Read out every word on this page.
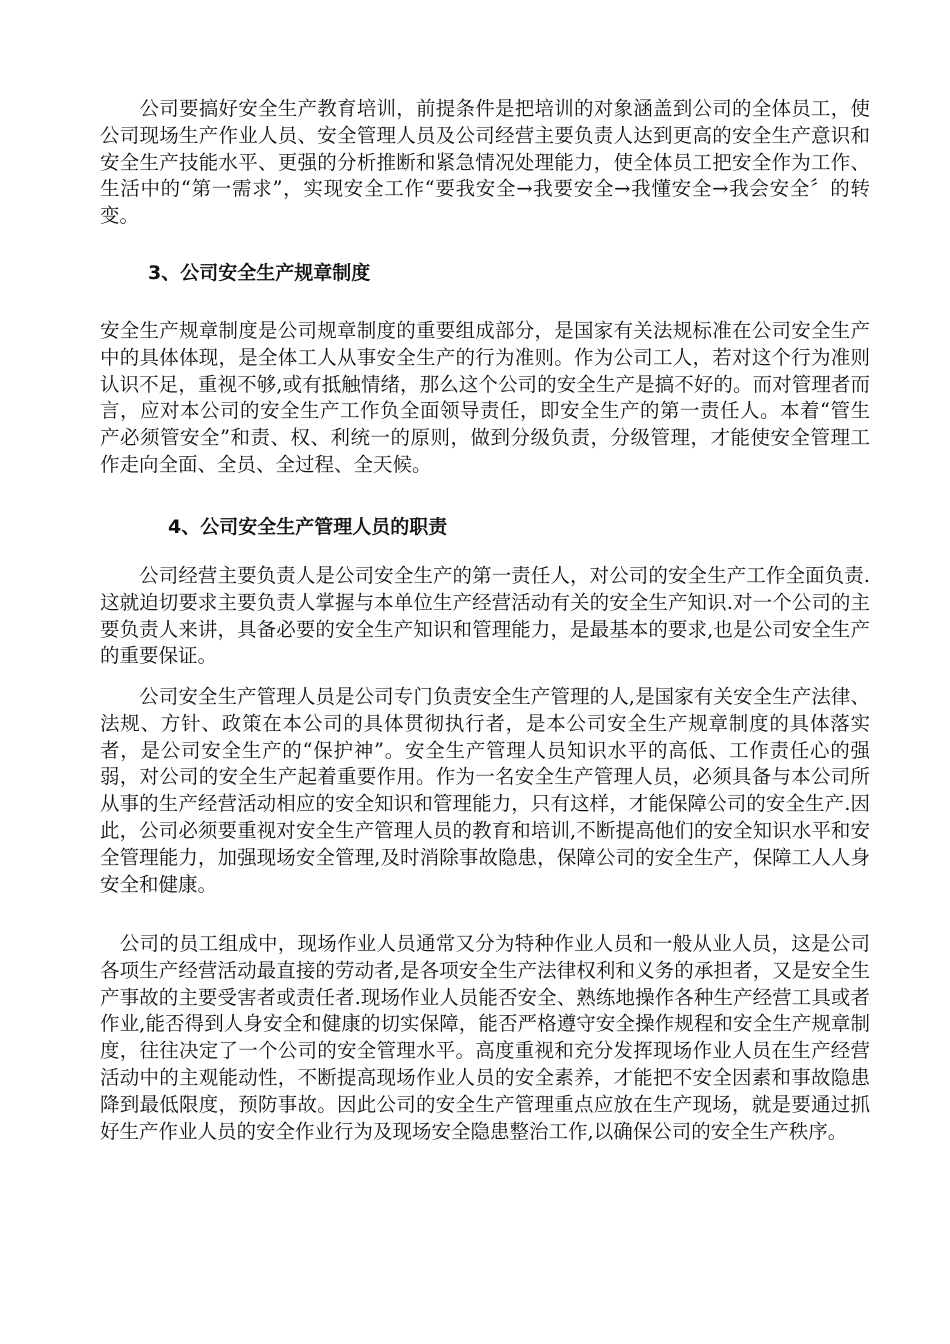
　　公司要搞好安全生产教育培训，前提条件是把培训的对象涵盖到公司的全体员工，使公司现场生产作业人员、安全管理人员及公司经营主要负责人达到更高的安全生产意识和安全生产技能水平、更强的分析推断和紧急情况处理能力，使全体员工把安全作为工作、生活中的“第一需求”，实现安全工作“要我安全→我要安全→我懂安全→我会安全〞的转变。

3、公司安全生产规章制度

安全生产规章制度是公司规章制度的重要组成部分，是国家有关法规标准在公司安全生产中的具体体现，是全体工人从事安全生产的行为准则。作为公司工人，若对这个行为准则认识不足，重视不够,或有抵触情绪，那么这个公司的安全生产是搞不好的。而对管理者而言，应对本公司的安全生产工作负全面领导责任，即安全生产的第一责任人。本着“管生产必须管安全”和责、权、利统一的原则，做到分级负责，分级管理，才能使安全管理工作走向全面、全员、全过程、全天候。

4、公司安全生产管理人员的职责

　　公司经营主要负责人是公司安全生产的第一责任人，对公司的安全生产工作全面负责.这就迫切要求主要负责人掌握与本单位生产经营活动有关的安全生产知识.对一个公司的主要负责人来讲，具备必要的安全生产知识和管理能力，是最基本的要求,也是公司安全生产的重要保证。

　　公司安全生产管理人员是公司专门负责安全生产管理的人,是国家有关安全生产法律、法规、方针、政策在本公司的具体贯彻执行者，是本公司安全生产规章制度的具体落实者，是公司安全生产的“保护神”。安全生产管理人员知识水平的高低、工作责任心的强弱，对公司的安全生产起着重要作用。作为一名安全生产管理人员，必须具备与本公司所从事的生产经营活动相应的安全知识和管理能力，只有这样，才能保障公司的安全生产.因此，公司必须要重视对安全生产管理人员的教育和培训,不断提高他们的安全知识水平和安全管理能力，加强现场安全管理,及时消除事故隐患，保障公司的安全生产，保障工人人身安全和健康。

　公司的员工组成中，现场作业人员通常又分为特种作业人员和一般从业人员，这是公司各项生产经营活动最直接的劳动者,是各项安全生产法律权利和义务的承担者，又是安全生产事故的主要受害者或责任者.现场作业人员能否安全、熟练地操作各种生产经营工具或者作业,能否得到人身安全和健康的切实保障，能否严格遵守安全操作规程和安全生产规章制度，往往决定了一个公司的安全管理水平。高度重视和充分发挥现场作业人员在生产经营活动中的主观能动性，不断提高现场作业人员的安全素养，才能把不安全因素和事故隐患降到最低限度，预防事故。因此公司的安全生产管理重点应放在生产现场，就是要通过抓好生产作业人员的安全作业行为及现场安全隐患整治工作,以确保公司的安全生产秩序。
